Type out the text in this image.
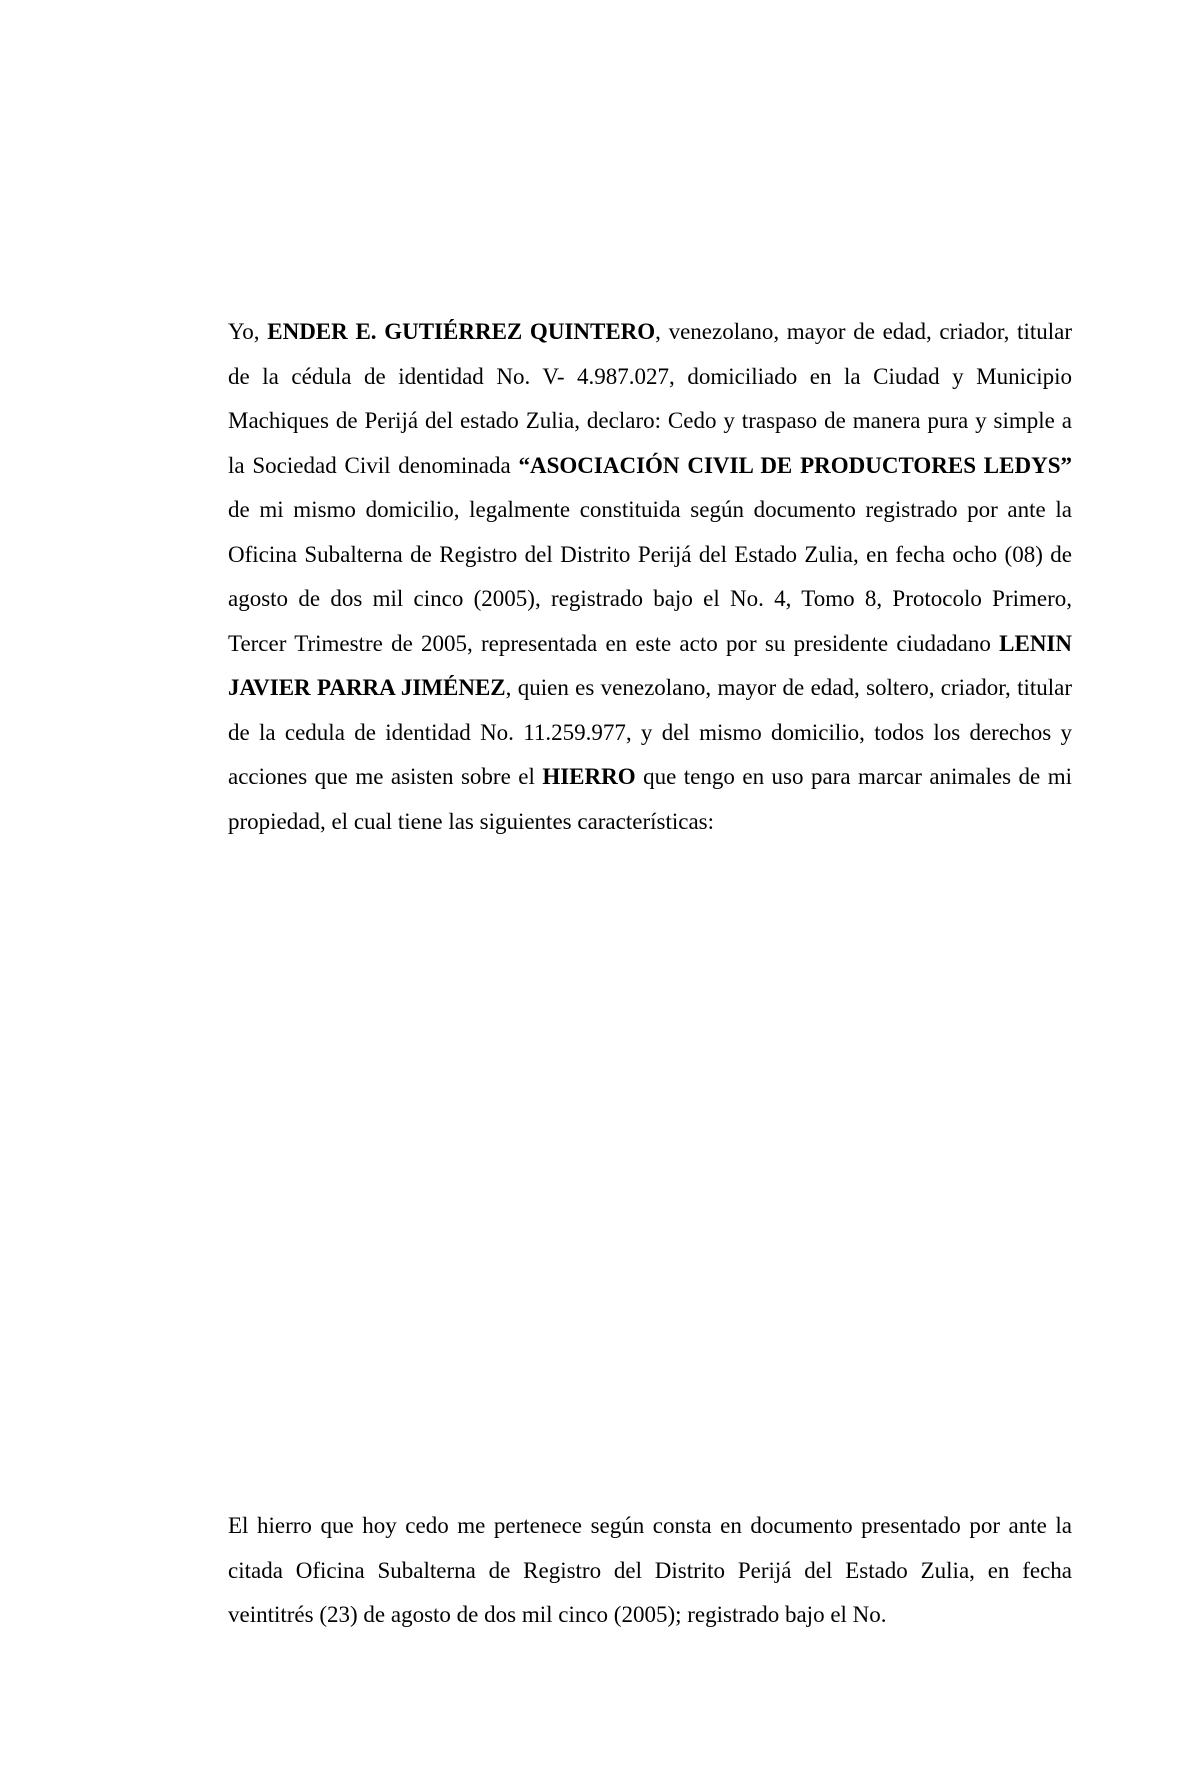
Yo, ENDER E. GUTIÉRREZ QUINTERO, venezolano, mayor de edad, criador, titular de la cédula de identidad No. V- 4.987.027, domiciliado en la Ciudad y Municipio Machiques de Perijá del estado Zulia, declaro: Cedo y traspaso de manera pura y simple a la Sociedad Civil denominada “ASOCIACIÓN CIVIL DE PRODUCTORES LEDYS” de mi mismo domicilio, legalmente constituida según documento registrado por ante la Oficina Subalterna de Registro del Distrito Perijá del Estado Zulia, en fecha ocho (08) de agosto de dos mil cinco (2005), registrado bajo el No. 4, Tomo 8, Protocolo Primero, Tercer Trimestre de 2005, representada en este acto por su presidente ciudadano LENIN JAVIER PARRA JIMÉNEZ, quien es venezolano, mayor de edad, soltero, criador, titular de la cedula de identidad No. 11.259.977, y del mismo domicilio, todos los derechos y acciones que me asisten sobre el HIERRO que tengo en uso para marcar animales de mi propiedad, el cual tiene las siguientes características:

El hierro que hoy cedo me pertenece según consta en documento presentado por ante la citada Oficina Subalterna de Registro del Distrito Perijá del Estado Zulia, en fecha veintitrés (23) de agosto de dos mil cinco (2005); registrado bajo el No.
